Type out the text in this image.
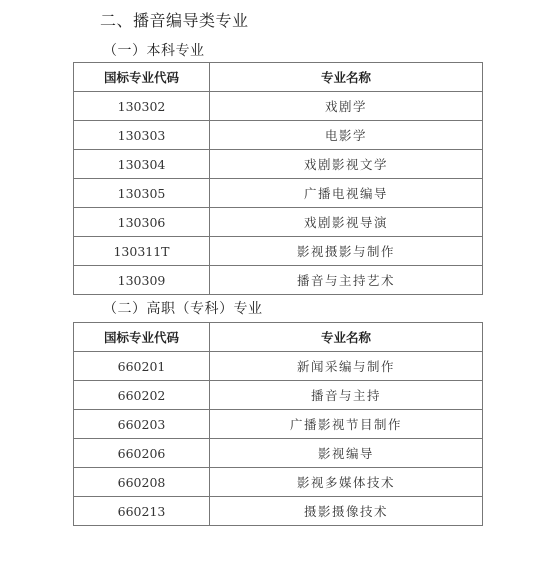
二、播音编导类专业
（一）本科专业
国标专业代码	专业名称
130302	戏剧学
130303	电影学
130304	戏剧影视文学
130305	广播电视编导
130306	戏剧影视导演
130311T	影视摄影与制作
130309	播音与主持艺术
（二）高职（专科）专业
国标专业代码	专业名称
660201	新闻采编与制作
660202	播音与主持
660203	广播影视节目制作
660206	影视编导
660208	影视多媒体技术
660213	摄影摄像技术
